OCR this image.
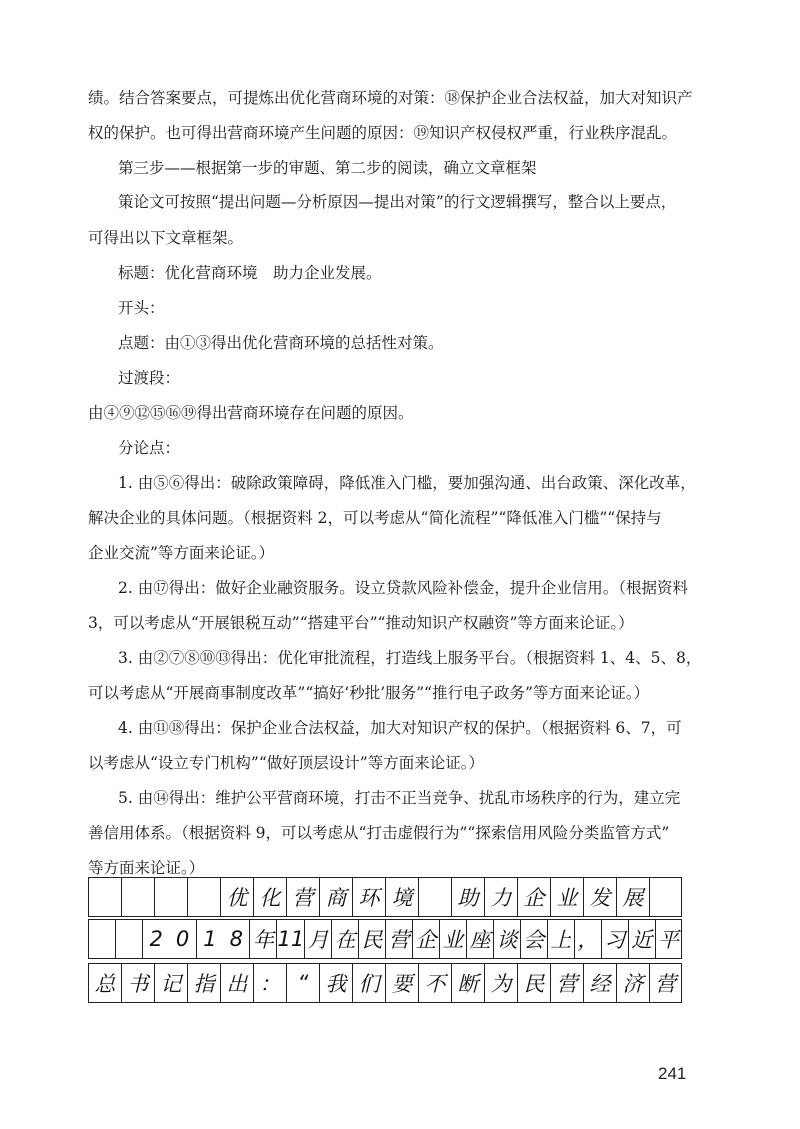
绩。结合答案要点，可提炼出优化营商环境的对策：⑱保护企业合法权益，加大对知识产
权的保护。也可得出营商环境产生问题的原因：⑲知识产权侵权严重，行业秩序混乱。
第三步——根据第一步的审题、第二步的阅读，确立文章框架
策论文可按照“提出问题—分析原因—提出对策”的行文逻辑撰写，整合以上要点，
可得出以下文章框架。
标题：优化营商环境　助力企业发展。
开头：
点题：由①③得出优化营商环境的总括性对策。
过渡段：
由④⑨⑫⑮⑯⑲得出营商环境存在问题的原因。
分论点：
1. 由⑤⑥得出：破除政策障碍，降低准入门槛，要加强沟通、出台政策、深化改革，
解决企业的具体问题。（根据资料 2，可以考虑从“简化流程”“降低准入门槛”“保持与
企业交流”等方面来论证。）
2. 由⑰得出：做好企业融资服务。设立贷款风险补偿金，提升企业信用。（根据资料
3，可以考虑从“开展银税互动”“搭建平台”“推动知识产权融资”等方面来论证。）
3. 由②⑦⑧⑩⑬得出：优化审批流程，打造线上服务平台。（根据资料 1、4、5、8，
可以考虑从“开展商事制度改革”“搞好‘秒批’服务”“推行电子政务”等方面来论证。）
4. 由⑪⑱得出：保护企业合法权益，加大对知识产权的保护。（根据资料 6、7，可
以考虑从“设立专门机构”“做好顶层设计”等方面来论证。）
5. 由⑭得出：维护公平营商环境，打击不正当竞争、扰乱市场秩序的行为，建立完
善信用体系。（根据资料 9，可以考虑从“打击虚假行为”“探索信用风险分类监管方式”
等方面来论证。）
优 化 营 商 环 境	助 力 企 业 发 展
2 0 1 8 年 1 1 月 在 民 营 企 业 座 谈 会 上 ， 习 近 平
总 书 记 指 出 ： “ 我 们 要 不 断 为 民 营 经 济 营
241
